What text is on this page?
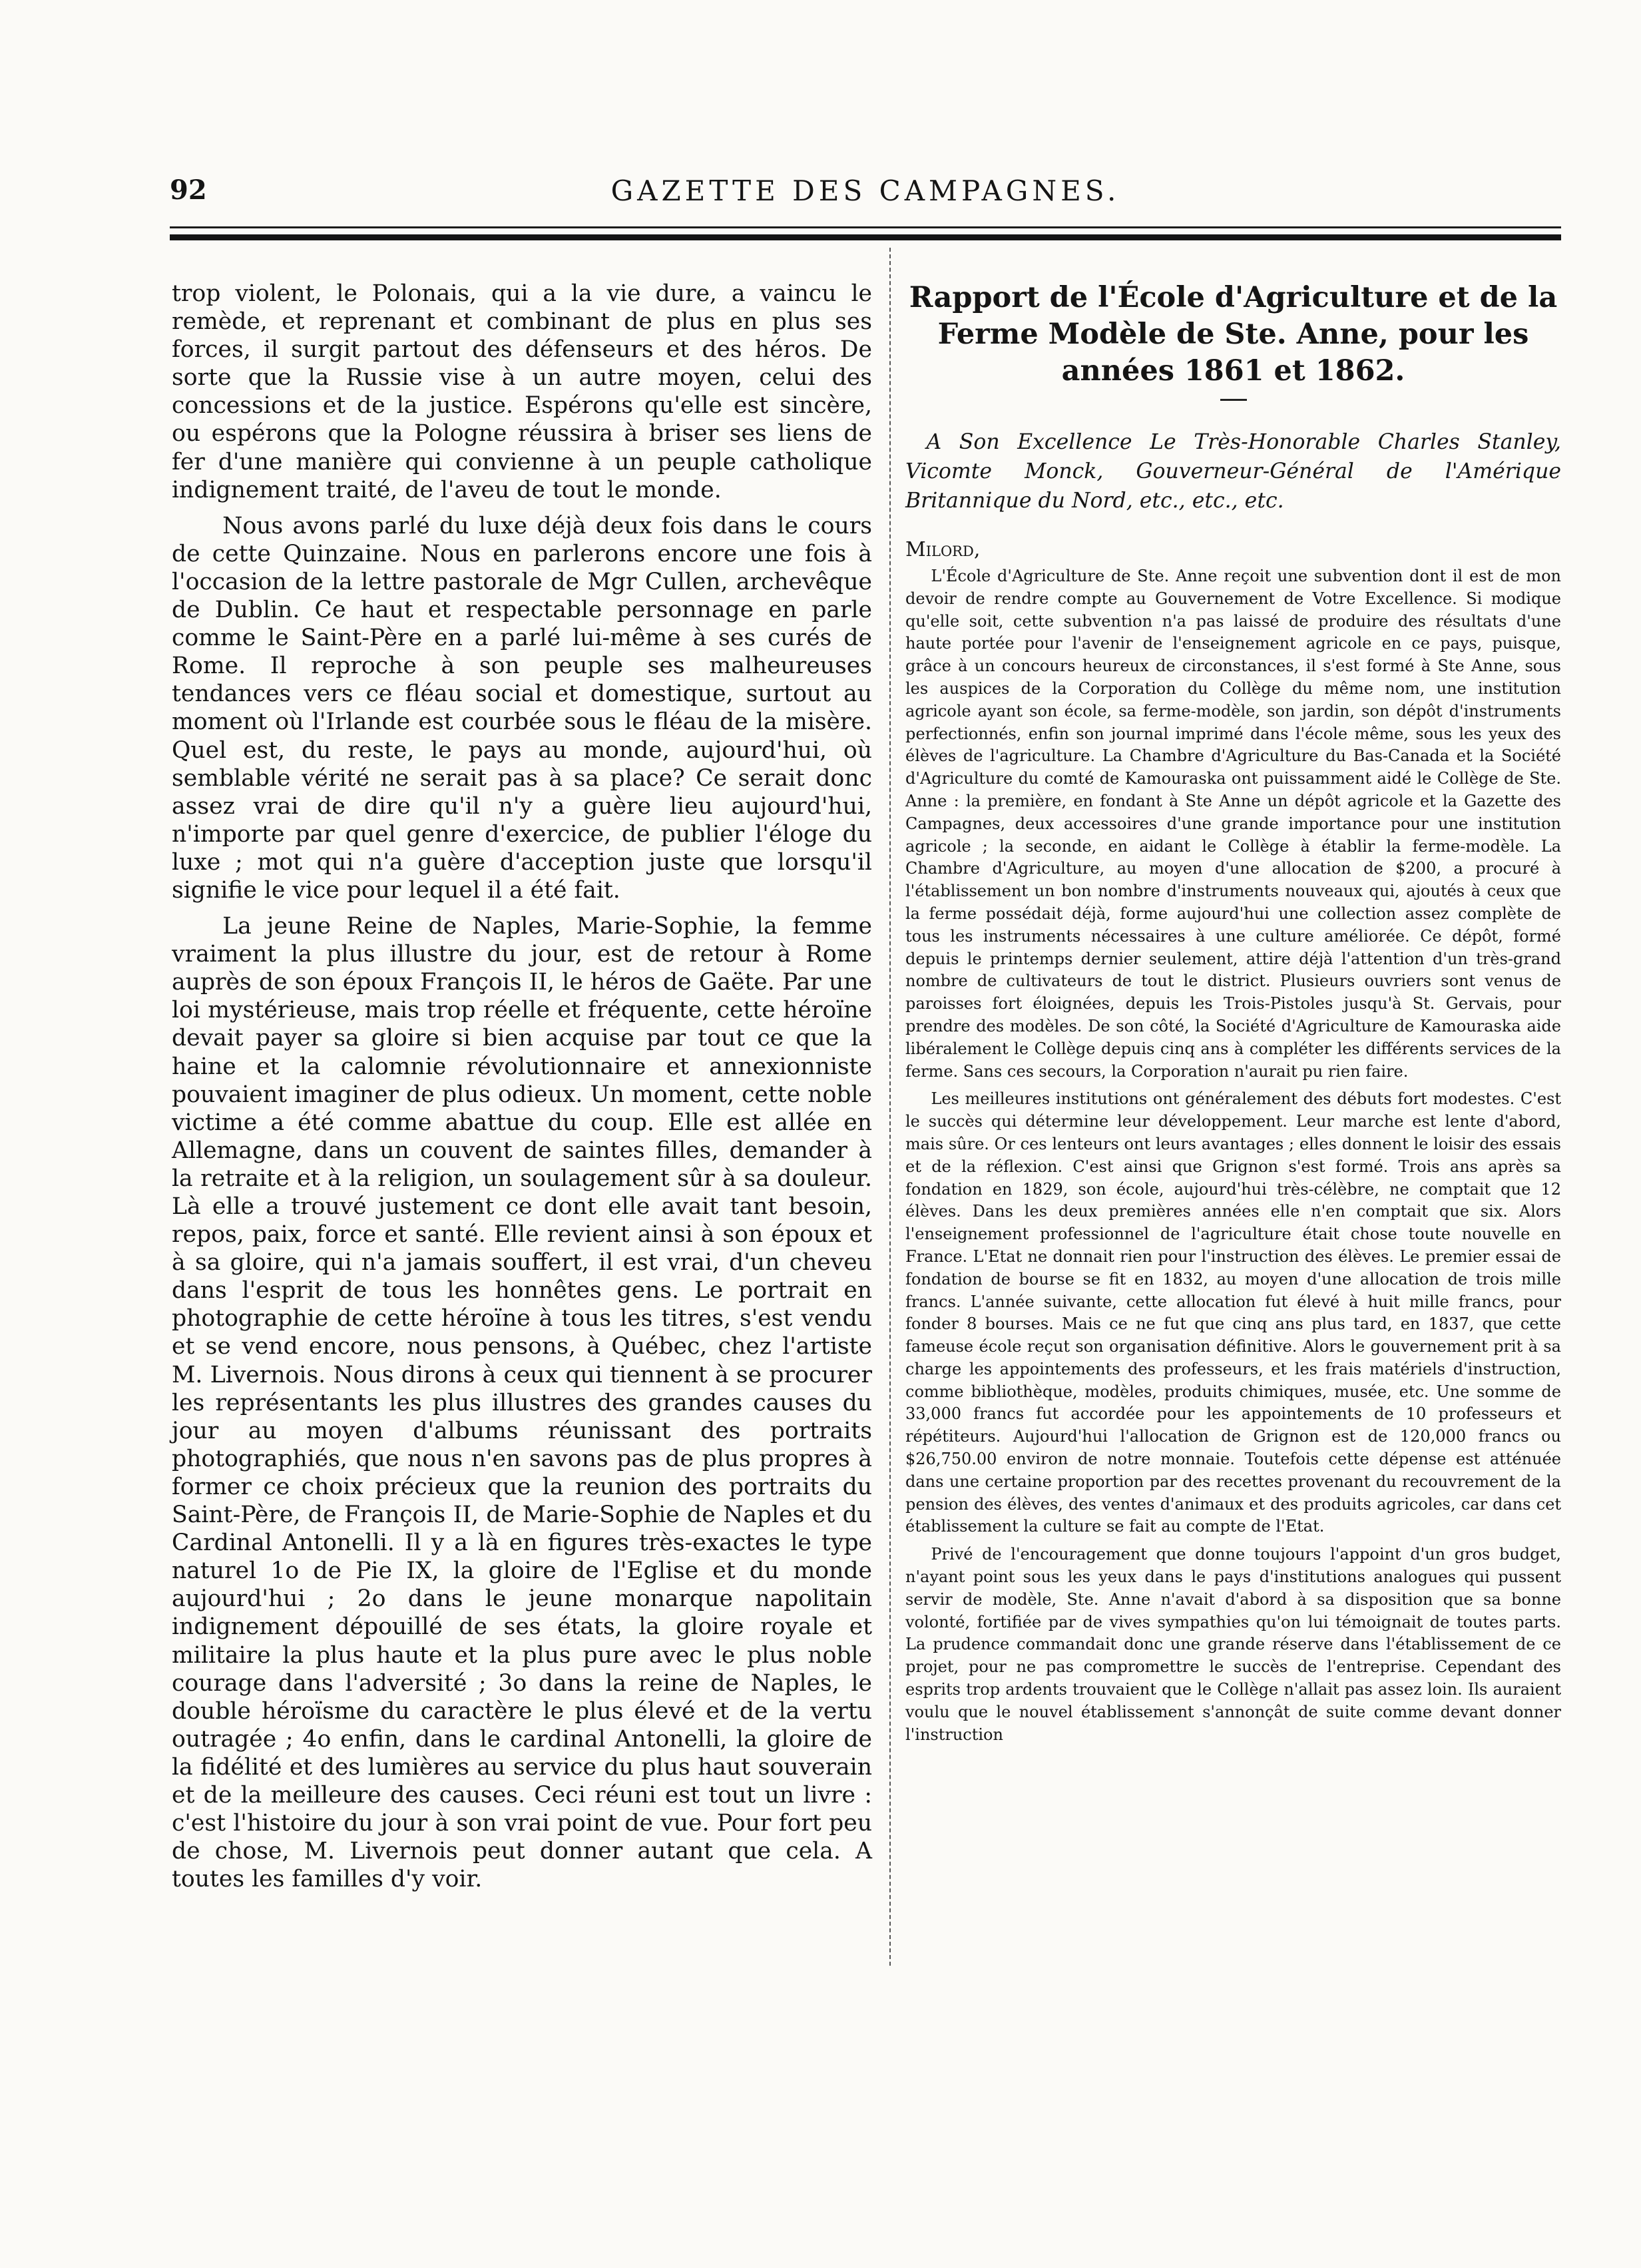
92	GAZETTE DES CAMPAGNES.

trop violent, le Polonais, qui a la vie dure, a vaincu le remède, et reprenant et combinant de plus en plus ses forces, il surgit partout des défenseurs et des héros. De sorte que la Russie vise à un autre moyen, celui des concessions et de la justice. Espérons qu'elle est sincère, ou espérons que la Pologne réussira à briser ses liens de fer d'une manière qui convienne à un peuple catholique indignement traité, de l'aveu de tout le monde.

Nous avons parlé du luxe déjà deux fois dans le cours de cette Quinzaine. Nous en parlerons encore une fois à l'occasion de la lettre pastorale de Mgr Cullen, archevêque de Dublin. Ce haut et respectable personnage en parle comme le Saint-Père en a parlé lui-même à ses curés de Rome. Il reproche à son peuple ses malheureuses tendances vers ce fléau social et domestique, surtout au moment où l'Irlande est courbée sous le fléau de la misère. Quel est, du reste, le pays au monde, aujourd'hui, où semblable vérité ne serait pas à sa place? Ce serait donc assez vrai de dire qu'il n'y a guère lieu aujourd'hui, n'importe par quel genre d'exercice, de publier l'éloge du luxe ; mot qui n'a guère d'acception juste que lorsqu'il signifie le vice pour lequel il a été fait.

La jeune Reine de Naples, Marie-Sophie, la femme vraiment la plus illustre du jour, est de retour à Rome auprès de son époux François II, le héros de Gaëte. Par une loi mystérieuse, mais trop réelle et fréquente, cette héroïne devait payer sa gloire si bien acquise par tout ce que la haine et la calomnie révolutionnaire et annexionniste pouvaient imaginer de plus odieux. Un moment, cette noble victime a été comme abattue du coup. Elle est allée en Allemagne, dans un couvent de saintes filles, demander à la retraite et à la religion, un soulagement sûr à sa douleur. Là elle a trouvé justement ce dont elle avait tant besoin, repos, paix, force et santé. Elle revient ainsi à son époux et à sa gloire, qui n'a jamais souffert, il est vrai, d'un cheveu dans l'esprit de tous les honnêtes gens. Le portrait en photographie de cette héroïne à tous les titres, s'est vendu et se vend encore, nous pensons, à Québec, chez l'artiste M. Livernois. Nous dirons à ceux qui tiennent à se procurer les représentants les plus illustres des grandes causes du jour au moyen d'albums réunissant des portraits photographiés, que nous n'en savons pas de plus propres à former ce choix précieux que la reunion des portraits du Saint-Père, de François II, de Marie-Sophie de Naples et du Cardinal Antonelli. Il y a là en figures très-exactes le type naturel 1o de Pie IX, la gloire de l'Eglise et du monde aujourd'hui ; 2o dans le jeune monarque napolitain indignement dépouillé de ses états, la gloire royale et militaire la plus haute et la plus pure avec le plus noble courage dans l'adversité ; 3o dans la reine de Naples, le double héroïsme du caractère le plus élevé et de la vertu outragée ; 4o enfin, dans le cardinal Antonelli, la gloire de la fidélité et des lumières au service du plus haut souverain et de la meilleure des causes. Ceci réuni est tout un livre : c'est l'histoire du jour à son vrai point de vue. Pour fort peu de chose, M. Livernois peut donner autant que cela. A toutes les familles d'y voir.

Rapport de l'École d'Agriculture et de la Ferme Modèle de Ste. Anne, pour les années 1861 et 1862.

A Son Excellence Le Très-Honorable Charles Stanley, Vicomte Monck, Gouverneur-Général de l'Amérique Britannique du Nord, etc., etc., etc.

Milord,

L'École d'Agriculture de Ste. Anne reçoit une subvention dont il est de mon devoir de rendre compte au Gouvernement de Votre Excellence. Si modique qu'elle soit, cette subvention n'a pas laissé de produire des résultats d'une haute portée pour l'avenir de l'enseignement agricole en ce pays, puisque, grâce à un concours heureux de circonstances, il s'est formé à Ste Anne, sous les auspices de la Corporation du Collège du même nom, une institution agricole ayant son école, sa ferme-modèle, son jardin, son dépôt d'instruments perfectionnés, enfin son journal imprimé dans l'école même, sous les yeux des élèves de l'agriculture. La Chambre d'Agriculture du Bas-Canada et la Société d'Agriculture du comté de Kamouraska ont puissamment aidé le Collège de Ste. Anne : la première, en fondant à Ste Anne un dépôt agricole et la Gazette des Campagnes, deux accessoires d'une grande importance pour une institution agricole ; la seconde, en aidant le Collège à établir la ferme-modèle. La Chambre d'Agriculture, au moyen d'une allocation de $200, a procuré à l'établissement un bon nombre d'instruments nouveaux qui, ajoutés à ceux que la ferme possédait déjà, forme aujourd'hui une collection assez complète de tous les instruments nécessaires à une culture améliorée. Ce dépôt, formé depuis le printemps dernier seulement, attire déjà l'attention d'un très-grand nombre de cultivateurs de tout le district. Plusieurs ouvriers sont venus de paroisses fort éloignées, depuis les Trois-Pistoles jusqu'à St. Gervais, pour prendre des modèles. De son côté, la Société d'Agriculture de Kamouraska aide libéralement le Collège depuis cinq ans à compléter les différents services de la ferme. Sans ces secours, la Corporation n'aurait pu rien faire.

Les meilleures institutions ont généralement des débuts fort modestes. C'est le succès qui détermine leur développement. Leur marche est lente d'abord, mais sûre. Or ces lenteurs ont leurs avantages ; elles donnent le loisir des essais et de la réflexion. C'est ainsi que Grignon s'est formé. Trois ans après sa fondation en 1829, son école, aujourd'hui très-célèbre, ne comptait que 12 élèves. Dans les deux premières années elle n'en comptait que six. Alors l'enseignement professionnel de l'agriculture était chose toute nouvelle en France. L'Etat ne donnait rien pour l'instruction des élèves. Le premier essai de fondation de bourse se fit en 1832, au moyen d'une allocation de trois mille francs. L'année suivante, cette allocation fut élevé à huit mille francs, pour fonder 8 bourses. Mais ce ne fut que cinq ans plus tard, en 1837, que cette fameuse école reçut son organisation définitive. Alors le gouvernement prit à sa charge les appointements des professeurs, et les frais matériels d'instruction, comme bibliothèque, modèles, produits chimiques, musée, etc. Une somme de 33,000 francs fut accordée pour les appointements de 10 professeurs et répétiteurs. Aujourd'hui l'allocation de Grignon est de 120,000 francs ou $26,750.00 environ de notre monnaie. Toutefois cette dépense est atténuée dans une certaine proportion par des recettes provenant du recouvrement de la pension des élèves, des ventes d'animaux et des produits agricoles, car dans cet établissement la culture se fait au compte de l'Etat.

Privé de l'encouragement que donne toujours l'appoint d'un gros budget, n'ayant point sous les yeux dans le pays d'institutions analogues qui pussent servir de modèle, Ste. Anne n'avait d'abord à sa disposition que sa bonne volonté, fortifiée par de vives sympathies qu'on lui témoignait de toutes parts. La prudence commandait donc une grande réserve dans l'établissement de ce projet, pour ne pas compromettre le succès de l'entreprise. Cependant des esprits trop ardents trouvaient que le Collège n'allait pas assez loin. Ils auraient voulu que le nouvel établissement s'annonçât de suite comme devant donner l'instruction
